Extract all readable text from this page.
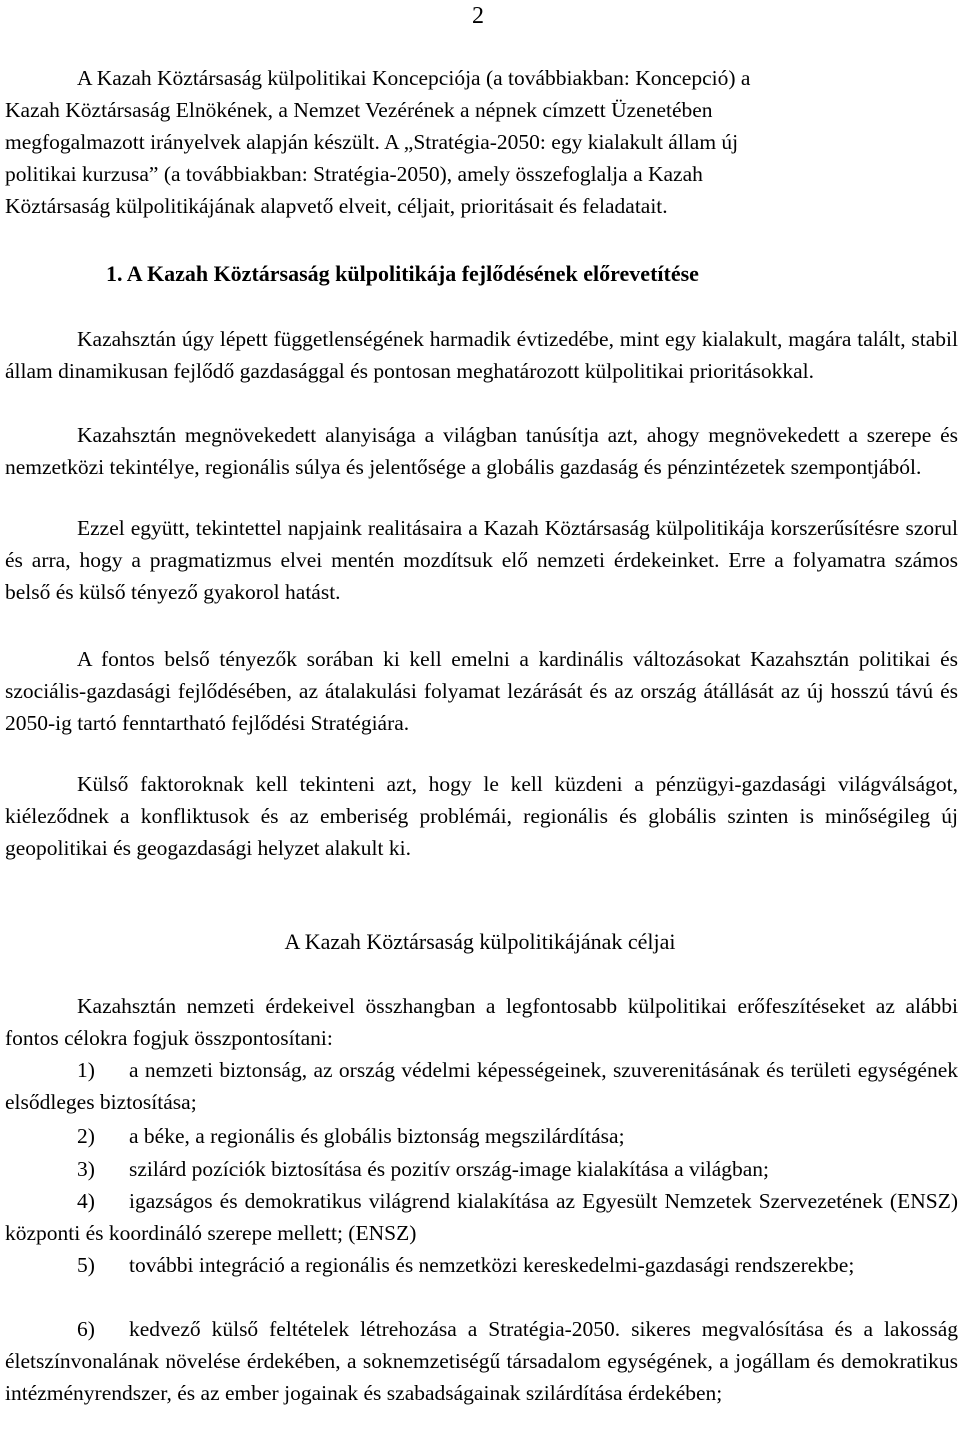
2
A Kazah Köztársaság külpolitikai Koncepciója (a továbbiakban: Koncepció) a
Kazah Köztársaság Elnökének, a Nemzet Vezérének a népnek címzett Üzenetében
megfogalmazott irányelvek alapján készült. A „Stratégia-2050: egy kialakult állam új
politikai kurzusa” (a továbbiakban: Stratégia-2050), amely összefoglalja a Kazah
Köztársaság külpolitikájának alapvető elveit, céljait, prioritásait és feladatait.
1. A Kazah Köztársaság külpolitikája fejlődésének előrevetítése

Kazahsztán úgy lépett függetlenségének harmadik évtizedébe, mint egy kialakult, magára talált, stabil állam dinamikusan fejlődő gazdasággal és pontosan meghatározott külpolitikai prioritásokkal.

Kazahsztán megnövekedett alanyisága a világban tanúsítja azt, ahogy megnövekedett a szerepe és nemzetközi tekintélye, regionális súlya és jelentősége a globális gazdaság és pénzintézetek szempontjából.

Ezzel együtt, tekintettel napjaink realitásaira a Kazah Köztársaság külpolitikája korszerűsítésre szorul és arra, hogy a pragmatizmus elvei mentén mozdítsuk elő nemzeti érdekeinket. Erre a folyamatra számos belső és külső tényező gyakorol hatást.

A fontos belső tényezők sorában ki kell emelni a kardinális változásokat Kazahsztán politikai és szociális-gazdasági fejlődésében, az átalakulási folyamat lezárását és az ország átállását az új hosszú távú és 2050-ig tartó fenntartható fejlődési Stratégiára.

Külső faktoroknak kell tekinteni azt, hogy le kell küzdeni a pénzügyi-gazdasági világválságot, kiéleződnek a konfliktusok és az emberiség problémái, regionális és globális szinten is minőségileg új geopolitikai és geogazdasági helyzet alakult ki.

A Kazah Köztársaság külpolitikájának céljai

Kazahsztán nemzeti érdekeivel összhangban a legfontosabb külpolitikai erőfeszítéseket az alábbi fontos célokra fogjuk összpontosítani:

1) a nemzeti biztonság, az ország védelmi képességeinek, szuverenitásának és területi egységének elsődleges biztosítása;

2) a béke, a regionális és globális biztonság megszilárdítása;

3) szilárd pozíciók biztosítása és pozitív ország-image kialakítása a világban;

4) igazságos és demokratikus világrend kialakítása az Egyesült Nemzetek Szervezetének (ENSZ) központi és koordináló szerepe mellett; (ENSZ)

5) további integráció a regionális és nemzetközi kereskedelmi-gazdasági rendszerekbe;

6) kedvező külső feltételek létrehozása a Stratégia-2050. sikeres megvalósítása és a lakosság életszínvonalának növelése érdekében, a soknemzetiségű társadalom egységének, a jogállam és demokratikus intézményrendszer, és az ember jogainak és szabadságainak szilárdítása érdekében;
